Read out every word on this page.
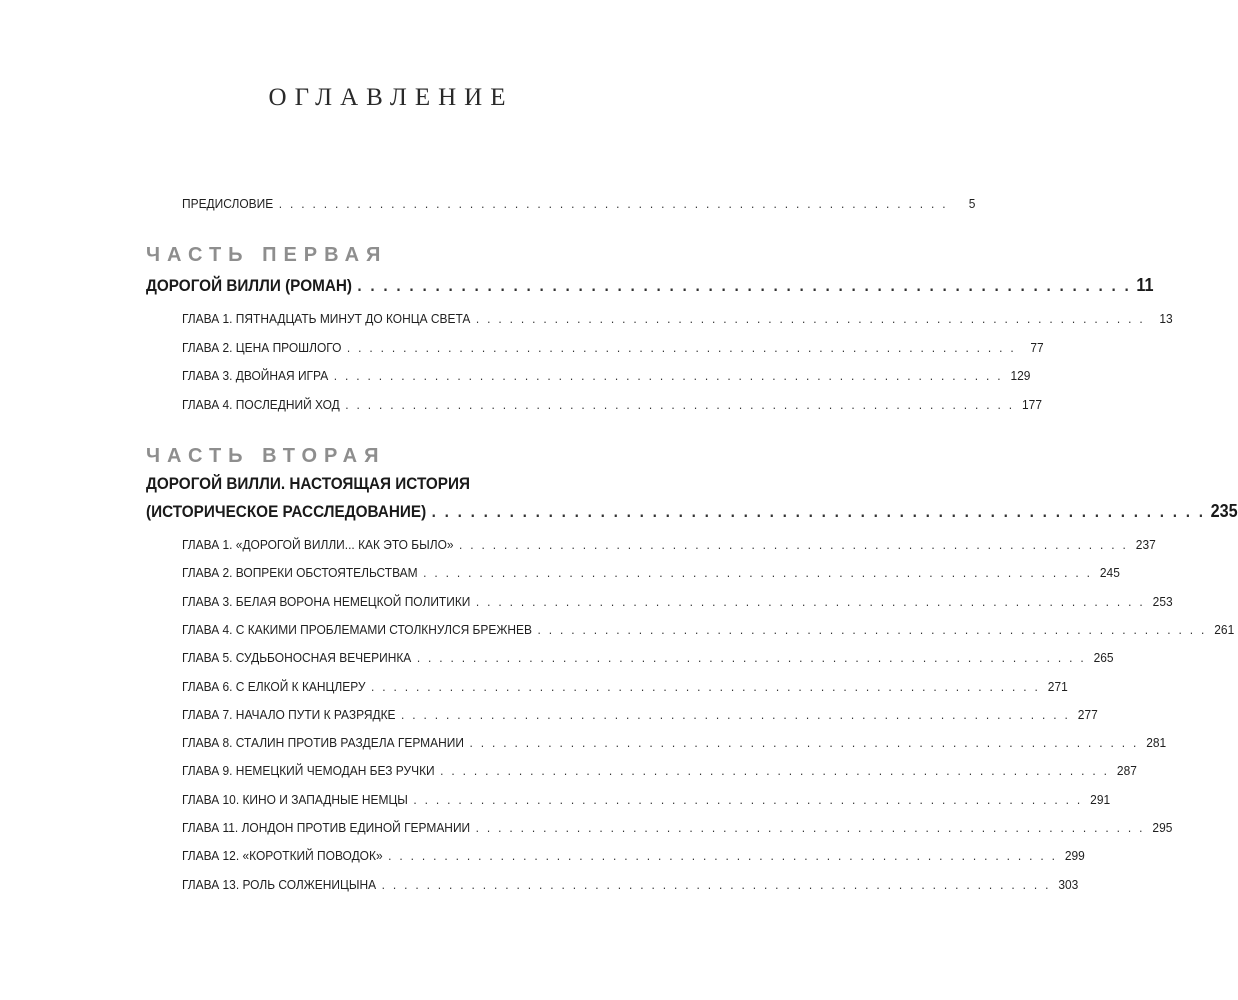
ОГЛАВЛЕНИЕ
ПРЕДИСЛОВИЕ . . . . . . . . . . . . . . . . . . . . . . . . . . . . . . . . . . . . . . . . . . . . . . . . . . . . . . . . . . . .	5
ЧАСТЬ ПЕРВАЯ
ДОРОГОЙ ВИЛЛИ (РОМАН) . . . . . . . . . . . . . . . . . . . . . . . . . . . . . . . . . . . . . . . . . . . . . . . . . . . . . . . . . . . . 11
ГЛАВА 1. ПЯТНАДЦАТЬ МИНУТ ДО КОНЦА СВЕТА . . . . . . . . . . . . . . . . . . . . . . . . . . . . . . . . . . . . . . . . . . . . . . . . . . . . . . . . . . . .	13
ГЛАВА 2. ЦЕНА ПРОШЛОГО . . . . . . . . . . . . . . . . . . . . . . . . . . . . . . . . . . . . . . . . . . . . . . . . . . . . . . . . . . . .	77
ГЛАВА 3. ДВОЙНАЯ ИГРА . . . . . . . . . . . . . . . . . . . . . . . . . . . . . . . . . . . . . . . . . . . . . . . . . . . . . . . . . . . . 129
ГЛАВА 4. ПОСЛЕДНИЙ ХОД . . . . . . . . . . . . . . . . . . . . . . . . . . . . . . . . . . . . . . . . . . . . . . . . . . . . . . . . . . . . 177
ЧАСТЬ ВТОРАЯ
ДОРОГОЙ ВИЛЛИ. НАСТОЯЩАЯ ИСТОРИЯ
(ИСТОРИЧЕСКОЕ РАССЛЕДОВАНИЕ) . . . . . . . . . . . . . . . . . . . . . . . . . . . . . . . . . . . . . . . . . . . . . . . . . . . . . . . . . . . . 235
ГЛАВА 1. «ДОРОГОЙ ВИЛЛИ... КАК ЭТО БЫЛО» . . . . . . . . . . . . . . . . . . . . . . . . . . . . . . . . . . . . . . . . . . . . . . . . . . . . . . . . . . . . 237
ГЛАВА 2. ВОПРЕКИ ОБСТОЯТЕЛЬСТВАМ . . . . . . . . . . . . . . . . . . . . . . . . . . . . . . . . . . . . . . . . . . . . . . . . . . . . . . . . . . . . 245
ГЛАВА 3. БЕЛАЯ ВОРОНА НЕМЕЦКОЙ ПОЛИТИКИ . . . . . . . . . . . . . . . . . . . . . . . . . . . . . . . . . . . . . . . . . . . . . . . . . . . . . . . . . . . . 253
ГЛАВА 4. С КАКИМИ ПРОБЛЕМАМИ СТОЛКНУЛСЯ БРЕЖНЕВ . . . . . . . . . . . . . . . . . . . . . . . . . . . . . . . . . . . . . . . . . . . . . . . . . . . . . . . . . . . . 261
ГЛАВА 5. СУДЬБОНОСНАЯ ВЕЧЕРИНКА . . . . . . . . . . . . . . . . . . . . . . . . . . . . . . . . . . . . . . . . . . . . . . . . . . . . . . . . . . . . 265
ГЛАВА 6. С ЕЛКОЙ К КАНЦЛЕРУ . . . . . . . . . . . . . . . . . . . . . . . . . . . . . . . . . . . . . . . . . . . . . . . . . . . . . . . . . . . . 271
ГЛАВА 7. НАЧАЛО ПУТИ К РАЗРЯДКЕ . . . . . . . . . . . . . . . . . . . . . . . . . . . . . . . . . . . . . . . . . . . . . . . . . . . . . . . . . . . . 277
ГЛАВА 8. СТАЛИН ПРОТИВ РАЗДЕЛА ГЕРМАНИИ . . . . . . . . . . . . . . . . . . . . . . . . . . . . . . . . . . . . . . . . . . . . . . . . . . . . . . . . . . . . 281
ГЛАВА 9. НЕМЕЦКИЙ ЧЕМОДАН БЕЗ РУЧКИ . . . . . . . . . . . . . . . . . . . . . . . . . . . . . . . . . . . . . . . . . . . . . . . . . . . . . . . . . . . . 287
ГЛАВА 10. КИНО И ЗАПАДНЫЕ НЕМЦЫ . . . . . . . . . . . . . . . . . . . . . . . . . . . . . . . . . . . . . . . . . . . . . . . . . . . . . . . . . . . . 291
ГЛАВА 11. ЛОНДОН ПРОТИВ ЕДИНОЙ ГЕРМАНИИ . . . . . . . . . . . . . . . . . . . . . . . . . . . . . . . . . . . . . . . . . . . . . . . . . . . . . . . . . . . . 295
ГЛАВА 12. «КОРОТКИЙ ПОВОДОК» . . . . . . . . . . . . . . . . . . . . . . . . . . . . . . . . . . . . . . . . . . . . . . . . . . . . . . . . . . . . 299
ГЛАВА 13. РОЛЬ СОЛЖЕНИЦЫНА . . . . . . . . . . . . . . . . . . . . . . . . . . . . . . . . . . . . . . . . . . . . . . . . . . . . . . . . . . . . 303
